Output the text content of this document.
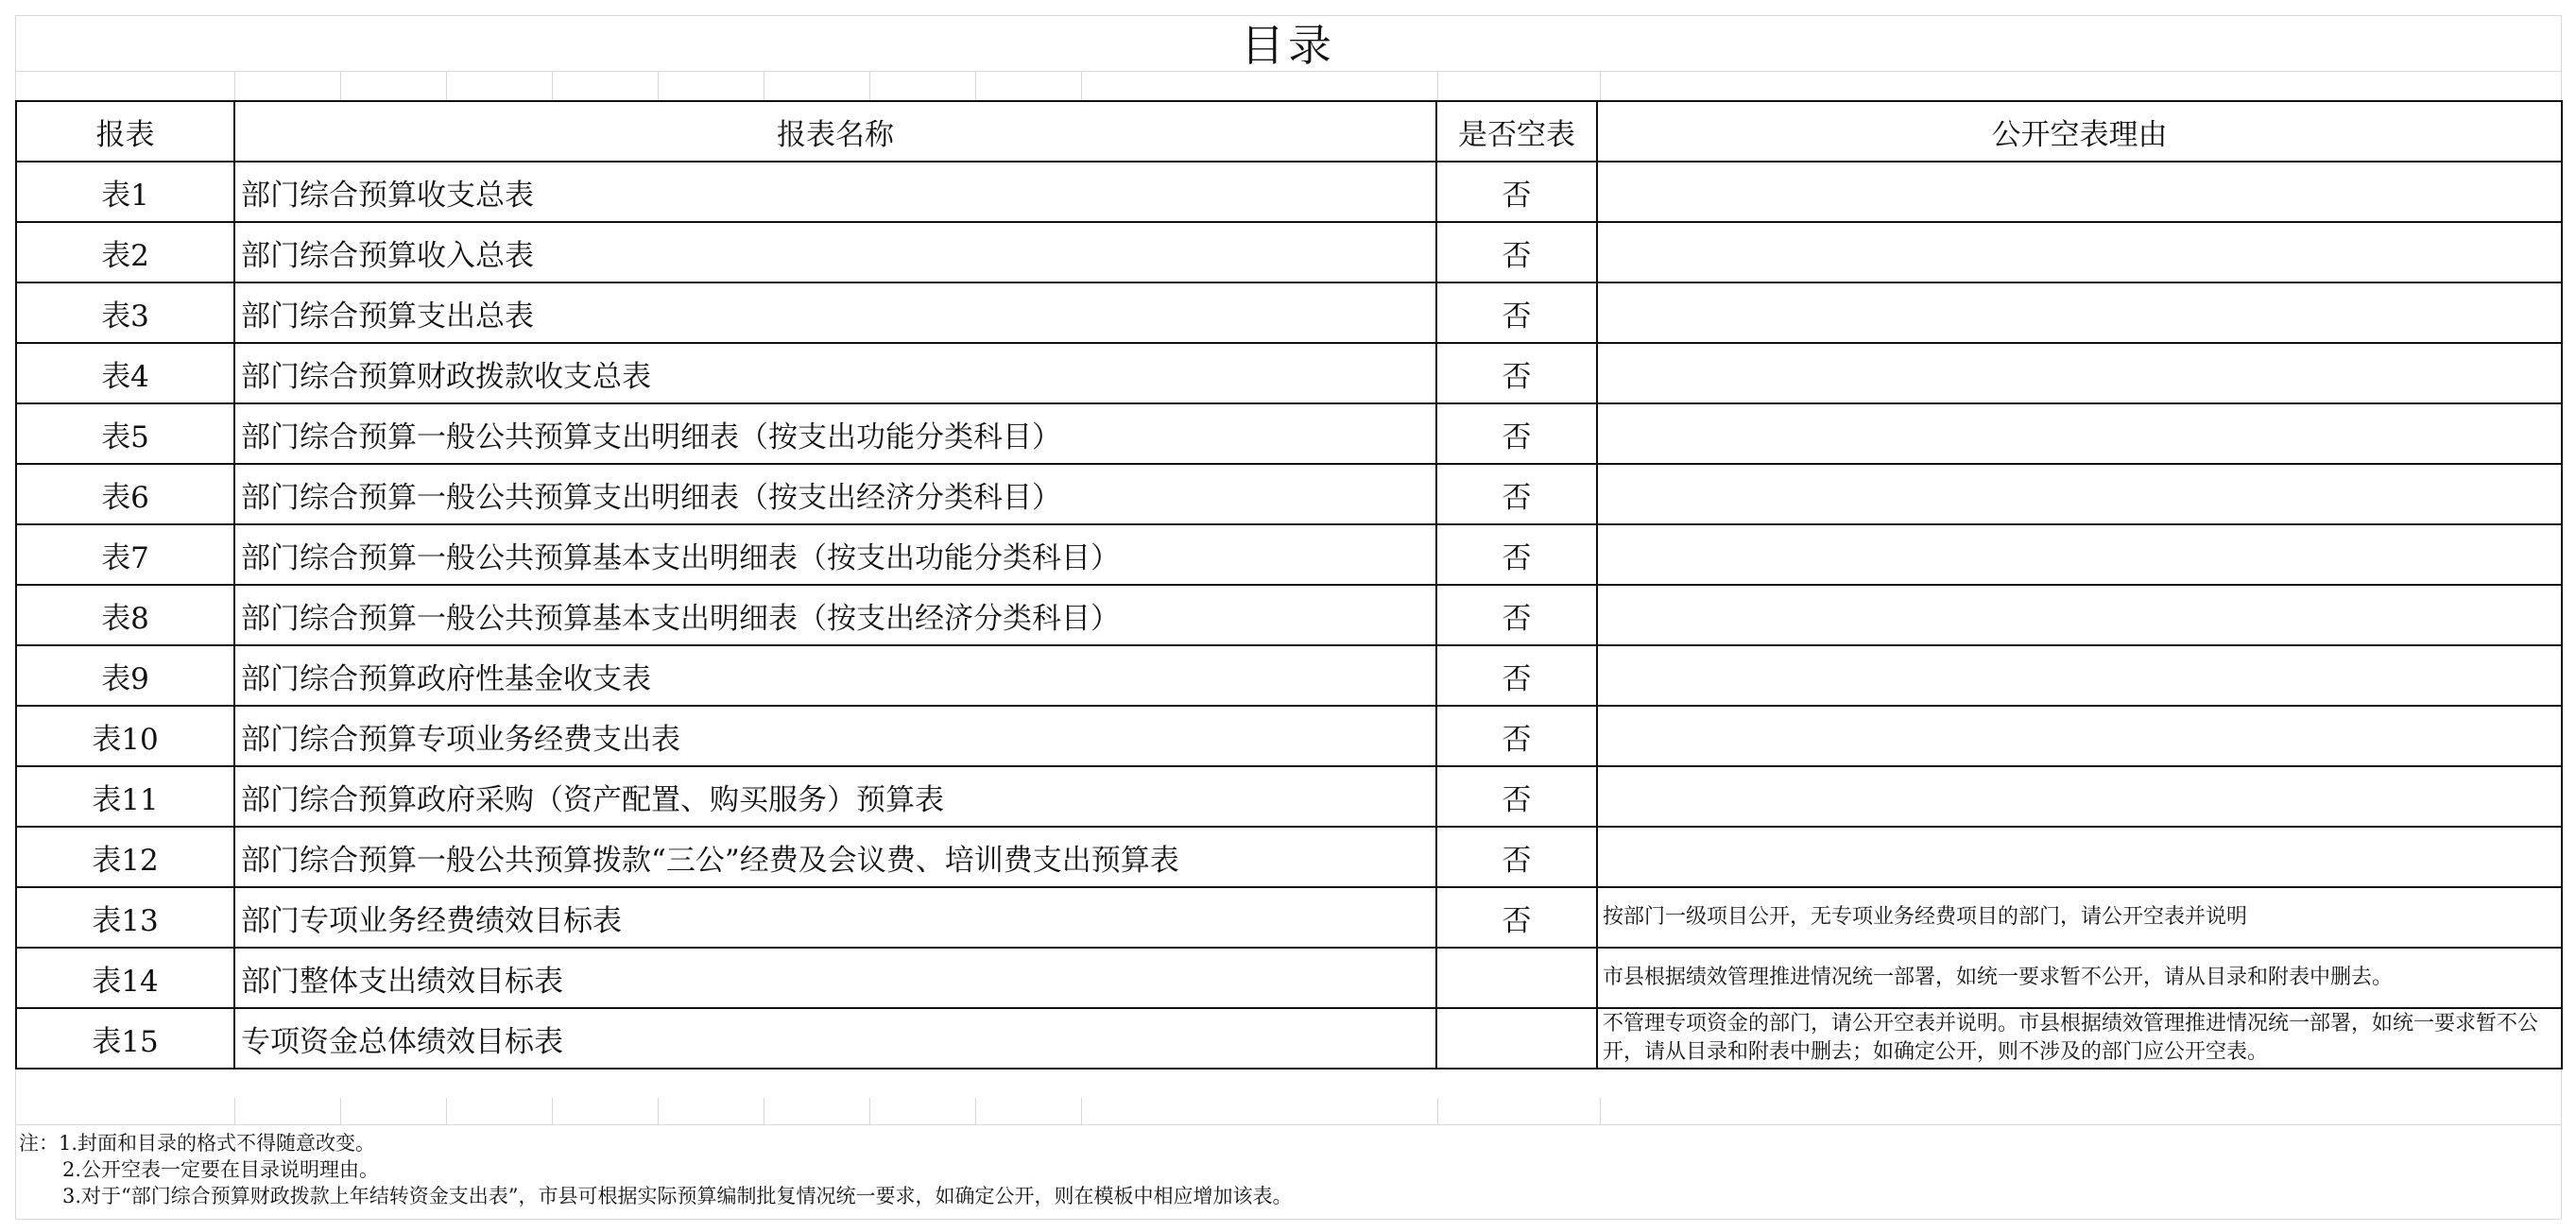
目录
报表	报表名称	是否空表	公开空表理由
表1	部门综合预算收支总表	否	
表2	部门综合预算收入总表	否	
表3	部门综合预算支出总表	否	
表4	部门综合预算财政拨款收支总表	否	
表5	部门综合预算一般公共预算支出明细表（按支出功能分类科目）	否	
表6	部门综合预算一般公共预算支出明细表（按支出经济分类科目）	否	
表7	部门综合预算一般公共预算基本支出明细表（按支出功能分类科目）	否	
表8	部门综合预算一般公共预算基本支出明细表（按支出经济分类科目）	否	
表9	部门综合预算政府性基金收支表	否	
表10	部门综合预算专项业务经费支出表	否	
表11	部门综合预算政府采购（资产配置、购买服务）预算表	否	
表12	部门综合预算一般公共预算拨款“三公”经费及会议费、培训费支出预算表	否	
表13	部门专项业务经费绩效目标表	否	按部门一级项目公开，无专项业务经费项目的部门，请公开空表并说明
表14	部门整体支出绩效目标表		市县根据绩效管理推进情况统一部署，如统一要求暂不公开，请从目录和附表中删去。
表15	专项资金总体绩效目标表		不管理专项资金的部门，请公开空表并说明。市县根据绩效管理推进情况统一部署，如统一要求暂不公开，请从目录和附表中删去；如确定公开，则不涉及的部门应公开空表。
注：1.封面和目录的格式不得随意改变。
2.公开空表一定要在目录说明理由。
3.对于“部门综合预算财政拨款上年结转资金支出表”，市县可根据实际预算编制批复情况统一要求，如确定公开，则在模板中相应增加该表。
